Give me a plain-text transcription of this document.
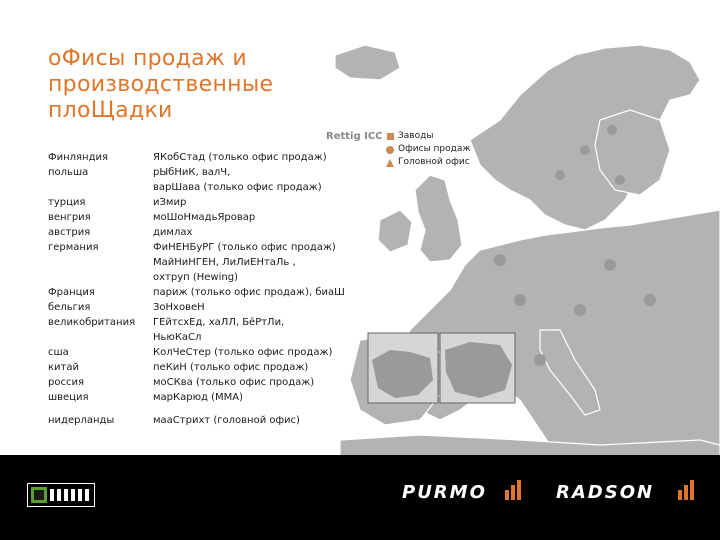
оФисы продаж и
производственные
плоЩадки
Финляндия	ЯКобСтад (только офис продаж)
польша	рЫбНиК, валЧ,
варШава (только офис продаж)
турция	иЗмир
венгрия	моШоНмадьЯровар
австрия	димлах
германия	ФиНЕНБуРГ (только офис продаж)
МайНиНГЕН, ЛиЛиЕНтаЛь ,
охтруп (Hewing)
Франция	париж (только офис продаж), биаШ
бельгия	ЗоНховеН
великобритания	ГЕйтсхЕд, хаЛЛ, БёРтЛи,
НьюКаСл
сша	КолЧеСтер (только офис продаж)
китай	пеКиН (только офис продаж)
россия	моСКва (только офис продаж)
швеция	марКарюд (ММА)
нидерланды	мааСтрихт (головной офис)
Rettig ICC Заводы
Офисы продаж
Головной офис
PURMO	RADSON
